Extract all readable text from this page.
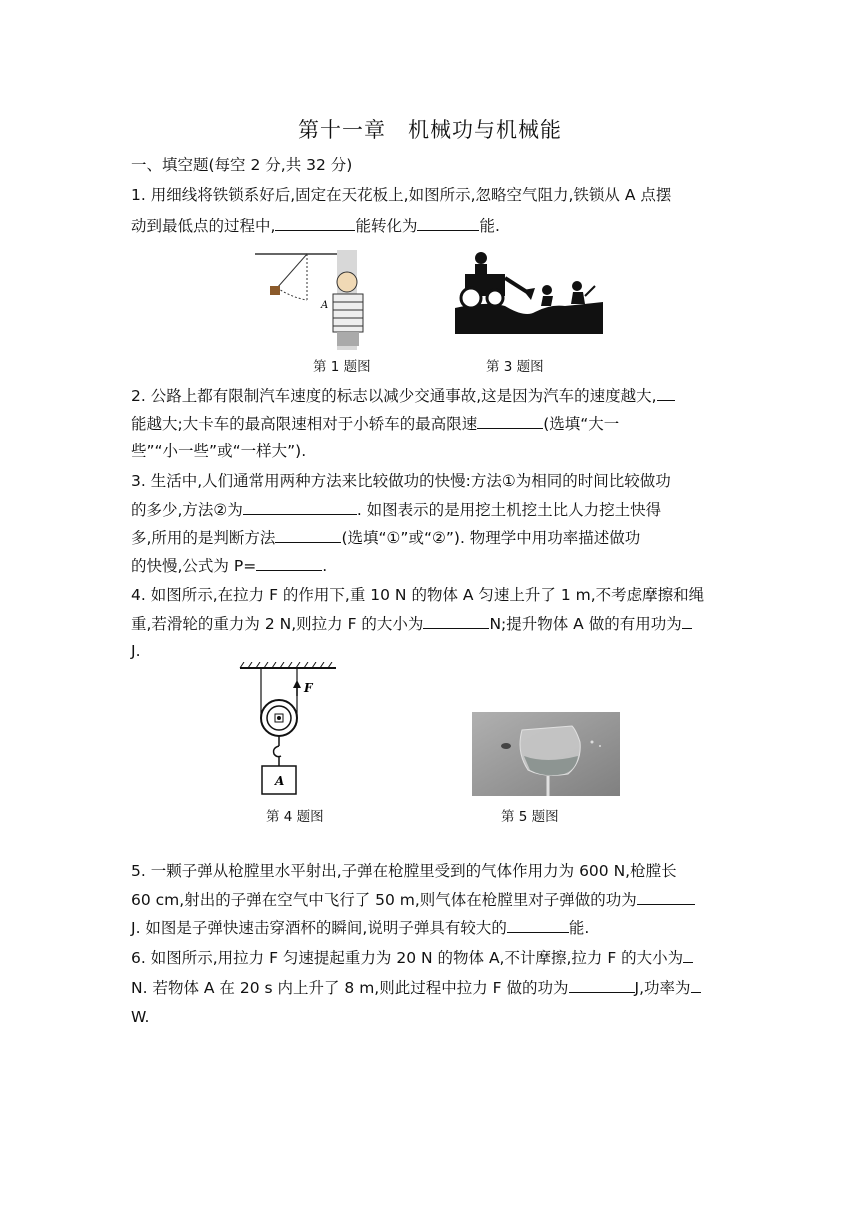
第十一章　机械功与机械能
一、填空题(每空 2 分,共 32 分)
1. 用细线将铁锁系好后,固定在天花板上,如图所示,忽略空气阻力,铁锁从 A 点摆
动到最低点的过程中,	能转化为	能.
A
第 1 题图	第 3 题图
2. 公路上都有限制汽车速度的标志以减少交通事故,这是因为汽车的速度越大,
能越大;大卡车的最高限速相对于小轿车的最高限速	(选填“大一
些”“小一些”或“一样大”).
3. 生活中,人们通常用两种方法来比较做功的快慢:方法①为相同的时间比较做功
的多少,方法②为	. 如图表示的是用挖土机挖土比人力挖土快得
多,所用的是判断方法	(选填“①”或“②”). 物理学中用功率描述做功
的快慢,公式为 P=	.
4. 如图所示,在拉力 F 的作用下,重 10 N 的物体 A 匀速上升了 1 m,不考虑摩擦和绳
重,若滑轮的重力为 2 N,则拉力 F 的大小为	N;提升物体 A 做的有用功为
J.
A
F
第 4 题图	第 5 题图
5. 一颗子弹从枪膛里水平射出,子弹在枪膛里受到的气体作用力为 600 N,枪膛长
60 cm,射出的子弹在空气中飞行了 50 m,则气体在枪膛里对子弹做的功为
J. 如图是子弹快速击穿酒杯的瞬间,说明子弹具有较大的	能.
6. 如图所示,用拉力 F 匀速提起重力为 20 N 的物体 A,不计摩擦,拉力 F 的大小为
N. 若物体 A 在 20 s 内上升了 8 m,则此过程中拉力 F 做的功为	J,功率为
W.
